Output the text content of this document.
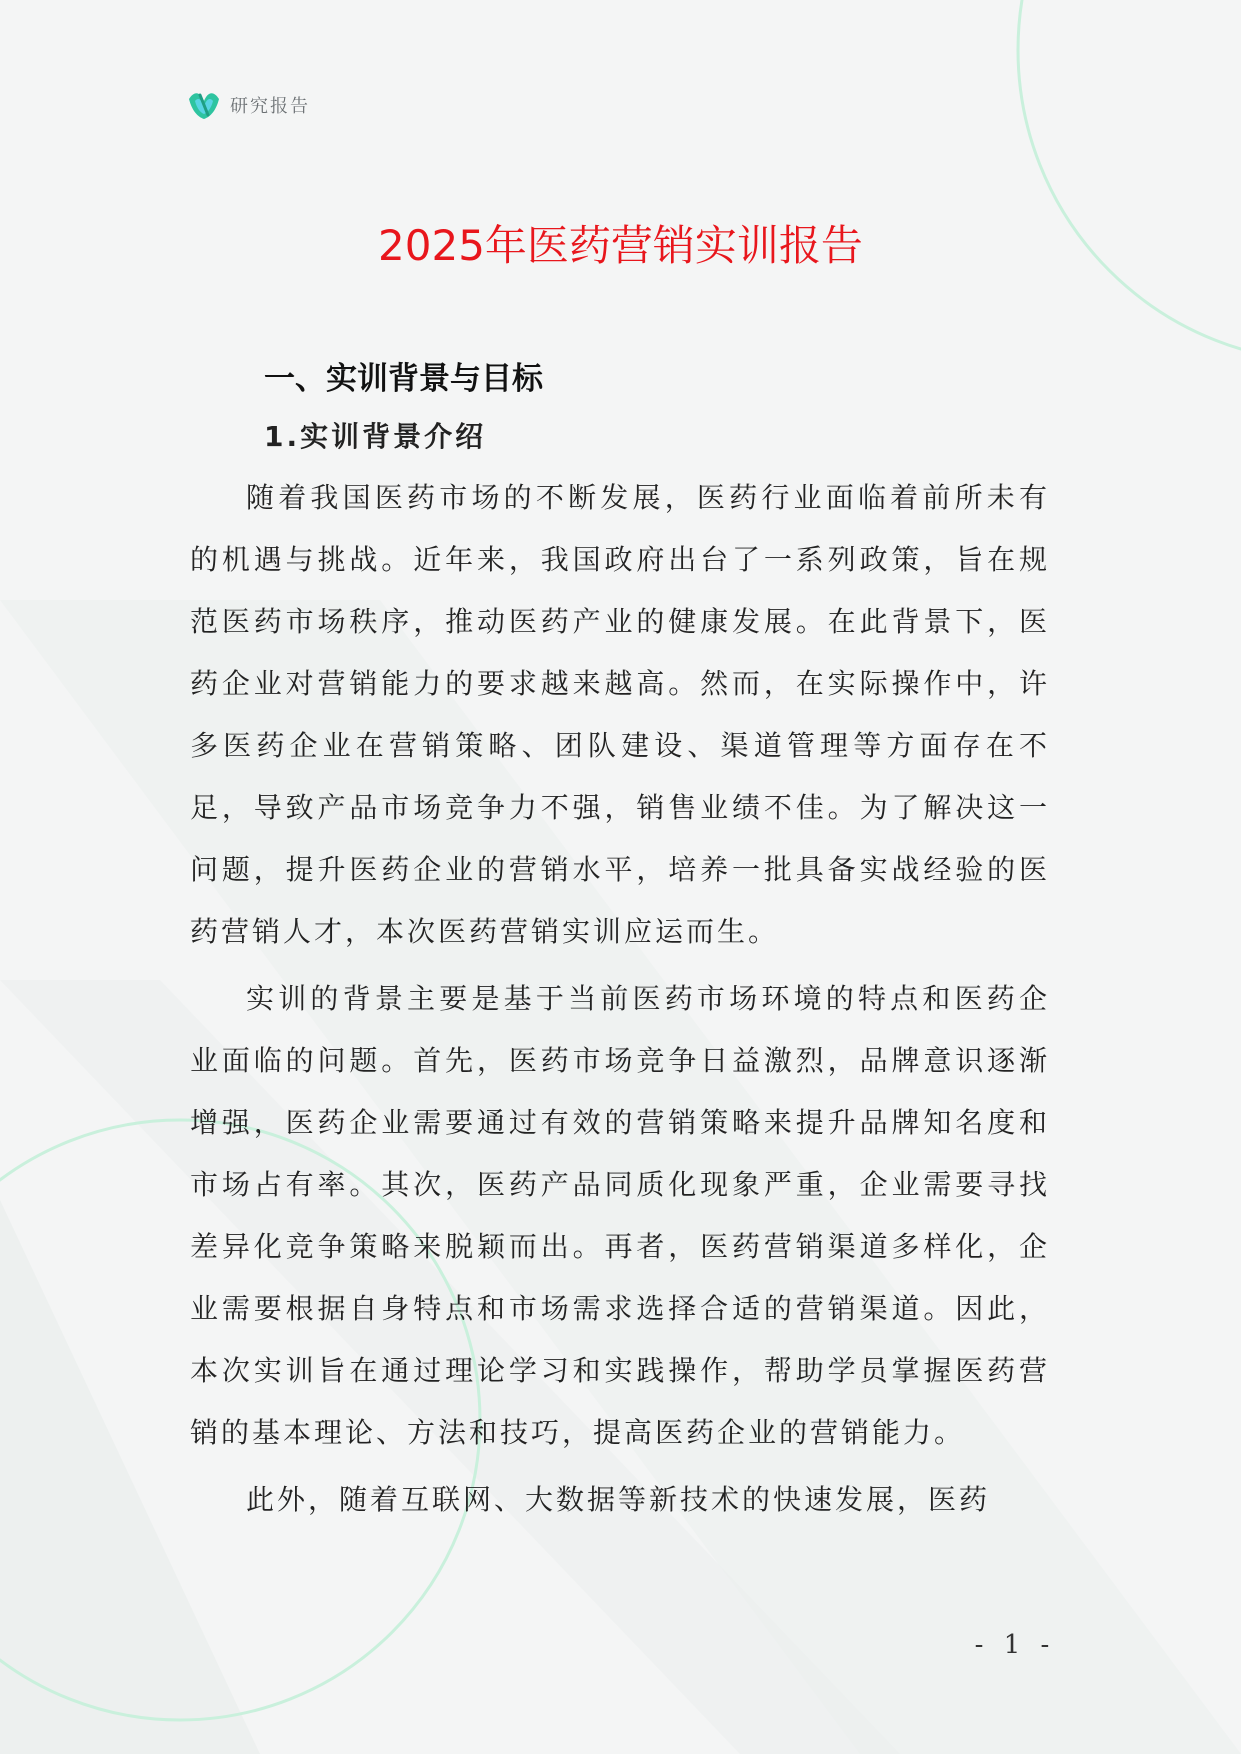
研究报告
2025年医药营销实训报告
一、实训背景与目标
1.实训背景介绍

随着我国医药市场的不断发展，医药行业面临着前所未有的机遇与挑战。近年来，我国政府出台了一系列政策，旨在规范医药市场秩序，推动医药产业的健康发展。在此背景下，医药企业对营销能力的要求越来越高。然而，在实际操作中，许多医药企业在营销策略、团队建设、渠道管理等方面存在不足，导致产品市场竞争力不强，销售业绩不佳。为了解决这一问题，提升医药企业的营销水平，培养一批具备实战经验的医药营销人才，本次医药营销实训应运而生。

实训的背景主要是基于当前医药市场环境的特点和医药企业面临的问题。首先，医药市场竞争日益激烈，品牌意识逐渐增强，医药企业需要通过有效的营销策略来提升品牌知名度和市场占有率。其次，医药产品同质化现象严重，企业需要寻找差异化竞争策略来脱颖而出。再者，医药营销渠道多样化，企业需要根据自身特点和市场需求选择合适的营销渠道。因此，本次实训旨在通过理论学习和实践操作，帮助学员掌握医药营销的基本理论、方法和技巧，提高医药企业的营销能力。

此外，随着互联网、大数据等新技术的快速发展，医药

- 1 -
